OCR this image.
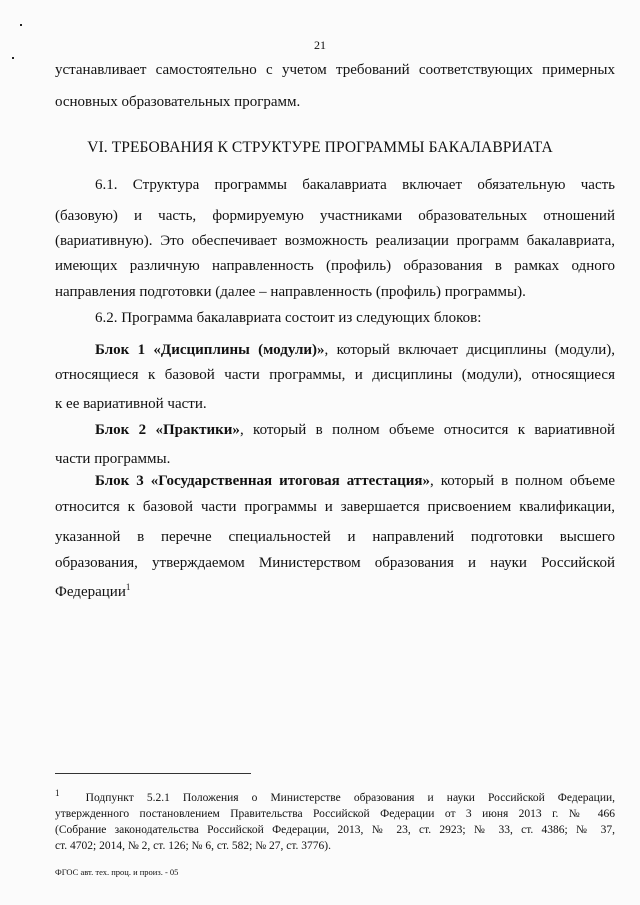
21
устанавливает самостоятельно с учетом требований соответствующих примерных
основных образовательных программ.
VI. ТРЕБОВАНИЯ К СТРУКТУРЕ ПРОГРАММЫ БАКАЛАВРИАТА
6.1. Структура программы бакалавриата включает обязательную часть
(базовую) и часть, формируемую участниками образовательных отношений
(вариативную). Это обеспечивает возможность реализации программ бакалавриата,
имеющих различную направленность (профиль) образования в рамках одного
направления подготовки (далее – направленность (профиль) программы).
6.2. Программа бакалавриата состоит из следующих блоков:
Блок 1 «Дисциплины (модули)», который включает дисциплины (модули),
относящиеся к базовой части программы, и дисциплины (модули), относящиеся
к ее вариативной части.
Блок 2 «Практики», который в полном объеме относится к вариативной
части программы.
Блок 3 «Государственная итоговая аттестация», который в полном объеме
относится к базовой части программы и завершается присвоением квалификации,
указанной в перечне специальностей и направлений подготовки высшего
образования, утверждаемом Министерством образования и науки Российской
Федерации$^1$
$^1$ Подпункт 5.2.1 Положения о Министерстве образования и науки Российской Федерации,
утвержденного постановлением Правительства Российской Федерации от 3 июня 2013 г. № 466
(Собрание законодательства Российской Федерации, 2013, № 23, ст. 2923; № 33, ст. 4386; № 37,
ст. 4702; 2014, № 2, ст. 126; № 6, ст. 582; № 27, ст. 3776).
ФГОС авт. тех. проц. и произ. - 05
